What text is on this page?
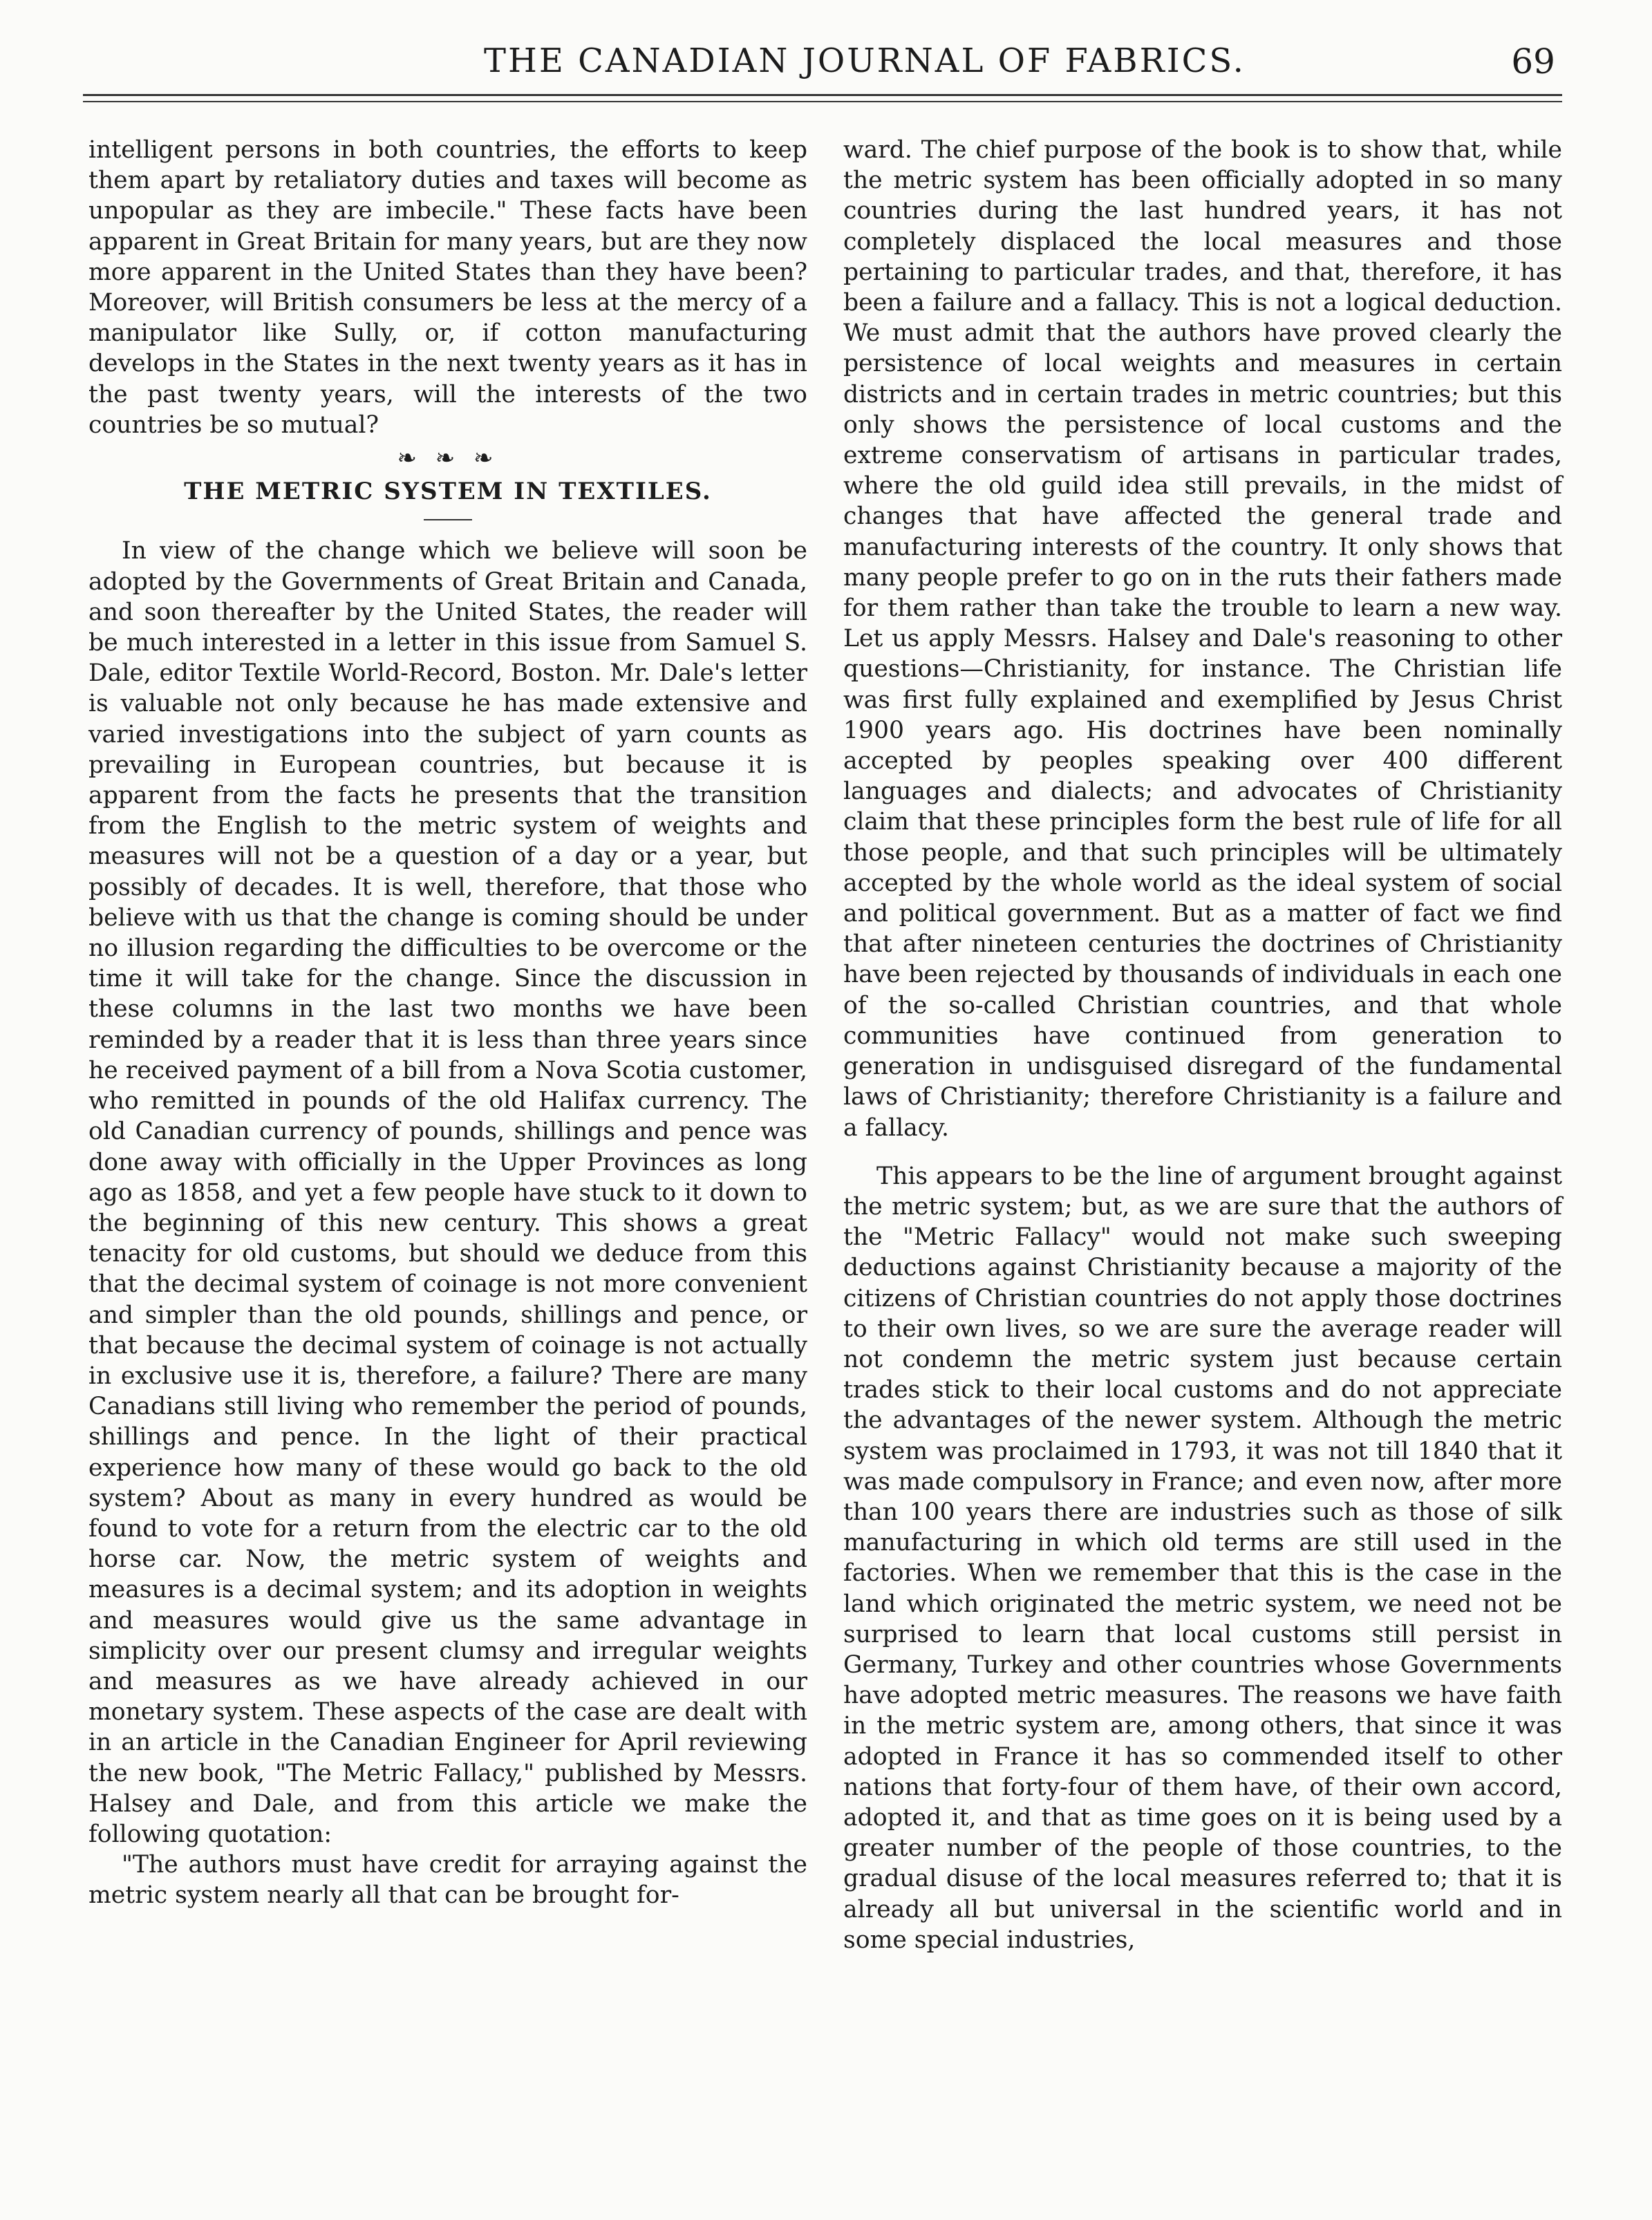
THE CANADIAN JOURNAL OF FABRICS.	69

intelligent persons in both countries, the efforts to keep them apart by retaliatory duties and taxes will become as unpopular as they are imbecile." These facts have been apparent in Great Britain for many years, but are they now more apparent in the United States than they have been? Moreover, will British consumers be less at the mercy of a manipulator like Sully, or, if cotton manufacturing develops in the States in the next twenty years as it has in the past twenty years, will the interests of the two countries be so mutual?

❧ ❧ ❧
THE METRIC SYSTEM IN TEXTILES.

In view of the change which we believe will soon be adopted by the Governments of Great Britain and Canada, and soon thereafter by the United States, the reader will be much interested in a letter in this issue from Samuel S. Dale, editor Textile World-Record, Boston. Mr. Dale's letter is valuable not only because he has made extensive and varied investigations into the subject of yarn counts as prevailing in European countries, but because it is apparent from the facts he presents that the transition from the English to the metric system of weights and measures will not be a question of a day or a year, but possibly of decades. It is well, therefore, that those who believe with us that the change is coming should be under no illusion regarding the difficulties to be overcome or the time it will take for the change. Since the discussion in these columns in the last two months we have been reminded by a reader that it is less than three years since he received payment of a bill from a Nova Scotia customer, who remitted in pounds of the old Halifax currency. The old Canadian currency of pounds, shillings and pence was done away with officially in the Upper Provinces as long ago as 1858, and yet a few people have stuck to it down to the beginning of this new century. This shows a great tenacity for old customs, but should we deduce from this that the decimal system of coinage is not more convenient and simpler than the old pounds, shillings and pence, or that because the decimal system of coinage is not actually in exclusive use it is, therefore, a failure? There are many Canadians still living who remember the period of pounds, shillings and pence. In the light of their practical experience how many of these would go back to the old system? About as many in every hundred as would be found to vote for a return from the electric car to the old horse car. Now, the metric system of weights and measures is a decimal system; and its adoption in weights and measures would give us the same advantage in simplicity over our present clumsy and irregular weights and measures as we have already achieved in our monetary system. These aspects of the case are dealt with in an article in the Canadian Engineer for April reviewing the new book, "The Metric Fallacy," published by Messrs. Halsey and Dale, and from this article we make the following quotation:

"The authors must have credit for arraying against the metric system nearly all that can be brought for-

ward. The chief purpose of the book is to show that, while the metric system has been officially adopted in so many countries during the last hundred years, it has not completely displaced the local measures and those pertaining to particular trades, and that, therefore, it has been a failure and a fallacy. This is not a logical deduction. We must admit that the authors have proved clearly the persistence of local weights and measures in certain districts and in certain trades in metric countries; but this only shows the persistence of local customs and the extreme conservatism of artisans in particular trades, where the old guild idea still prevails, in the midst of changes that have affected the general trade and manufacturing interests of the country. It only shows that many people prefer to go on in the ruts their fathers made for them rather than take the trouble to learn a new way. Let us apply Messrs. Halsey and Dale's reasoning to other questions—Christianity, for instance. The Christian life was first fully explained and exemplified by Jesus Christ 1900 years ago. His doctrines have been nominally accepted by peoples speaking over 400 different languages and dialects; and advocates of Christianity claim that these principles form the best rule of life for all those people, and that such principles will be ultimately accepted by the whole world as the ideal system of social and political government. But as a matter of fact we find that after nineteen centuries the doctrines of Christianity have been rejected by thousands of individuals in each one of the so-called Christian countries, and that whole communities have continued from generation to generation in undisguised disregard of the fundamental laws of Christianity; therefore Christianity is a failure and a fallacy.

This appears to be the line of argument brought against the metric system; but, as we are sure that the authors of the "Metric Fallacy" would not make such sweeping deductions against Christianity because a majority of the citizens of Christian countries do not apply those doctrines to their own lives, so we are sure the average reader will not condemn the metric system just because certain trades stick to their local customs and do not appreciate the advantages of the newer system. Although the metric system was proclaimed in 1793, it was not till 1840 that it was made compulsory in France; and even now, after more than 100 years there are industries such as those of silk manufacturing in which old terms are still used in the factories. When we remember that this is the case in the land which originated the metric system, we need not be surprised to learn that local customs still persist in Germany, Turkey and other countries whose Governments have adopted metric measures. The reasons we have faith in the metric system are, among others, that since it was adopted in France it has so commended itself to other nations that forty-four of them have, of their own accord, adopted it, and that as time goes on it is being used by a greater number of the people of those countries, to the gradual disuse of the local measures referred to; that it is already all but universal in the scientific world and in some special industries,
